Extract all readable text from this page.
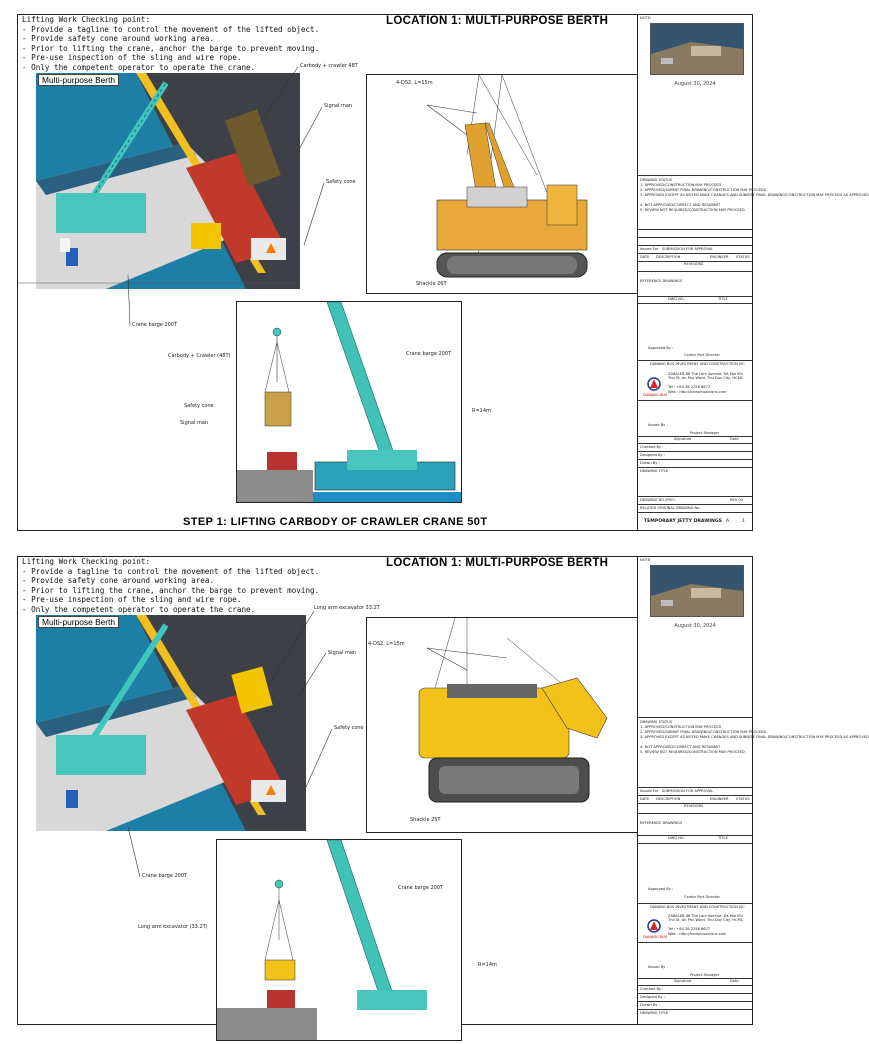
Lifting Work Checking point:
- Provide a tagline to control the movement of the lifted object.
- Provide safety cone around working area.
- Prior to lifting the crane, anchor the barge to prevent moving.
- Pre-use inspection of the sling and wire rope.
- Only the competent operator to operate the crane.
LOCATION 1: MULTI-PURPOSE BERTH
Multi-purpose Berth
Carbody + crawler 48T
Signal man
Safety cone
Crane barge 200T
4-DS2, L=15m
Shackle 26T
Carbody + Crawler (48T)	Crane barge 200T
Safety cone
Signal man
R=14m
STEP 1: LIFTING CARBODY OF CRAWLER CRANE 50T
NOTE:
August 30, 2024
DRAWING STATUS
1. APPROVED/CONSTRUCTION MAY PROCEED
2. APPROVED/SUBMIT FINAL DRAWING/CONSTRUCTION MAY PROCEED
3. APPROVED EXCEPT AS NOTED MAKE CHANGES AND SUBMITE FINAL DRAWING/CONSTRUCTION MAY PROCEED AS APPROVED
4. NOT APPROVED/CORRECT AND RESUBMIT
5. REVIEW NOT REQUIRED/CONSTRUCTION MAY PROCEED
Issued For SUBMISSION FOR APPROVAL
DATE DESCRIPTION	ENGINEER STATUS
REVISIONS
REFERENCE DRAWINGS
DWG NO.	TITLE
Approved By :
Cantor Port Director
DANANG BUS INVESTMENT AND CONSTRUCTION JSC
DANANG BUS
ZARALEB 88 The Lam Avenue, Dã Mai Khi Tho St, An Phu Ward, Thu Duc City, HCMC
Tel : +84 28 2256 6677
Web : http://binhphuoccons.com
Issued By :
Project Manager
Signature	Date
Checked By :
Designed By :
Drawn By :
DRAWING TITLE
DRAWING NO./PRO.:	REV 00
RELATED ORIGINAL DRAWING No.
TEMPORARY JETTY DRAWINGS A	1
Lifting Work Checking point:
- Provide a tagline to control the movement of the lifted object.
- Provide safety cone around working area.
- Prior to lifting the crane, anchor the barge to prevent moving.
- Pre-use inspection of the sling and wire rope.
- Only the competent operator to operate the crane.
LOCATION 1: MULTI-PURPOSE BERTH
Multi-purpose Berth
Long arm excavator 33.2T
Signal man
Safety cone
Crane barge 200T
4-DS2, L=15m
Shackle 25T
Long arm excavator (33.2T)
Crane barge 200T
R=14m
NOTE:
August 30, 2024
DRAWING STATUS
1. APPROVED/CONSTRUCTION MAY PROCEED
2. APPROVED/SUBMIT FINAL DRAWING/CONSTRUCTION MAY PROCEED
3. APPROVED EXCEPT AS NOTED MAKE CHANGES AND SUBMITE FINAL DRAWING/CONSTRUCTION MAY PROCEED AS APPROVED
4. NOT APPROVED/CORRECT AND RESUBMIT
5. REVIEW NOT REQUIRED/CONSTRUCTION MAY PROCEED
Issued For SUBMISSION FOR APPROVAL
DATE DESCRIPTION	ENGINEER STATUS
REVISIONS
REFERENCE DRAWINGS
DWG NO.	TITLE
Approved By :
Cantor Port Director
DANANG BUS INVESTMENT AND CONSTRUCTION JSC
DANANG BUS
ZARALEB 88 The Lam Avenue, Dã Mai Khi Tho St, An Phu Ward, Thu Duc City, HCMC
Tel : +84 28 2256 6677
Web : http://binhphuoccons.com
Issued By :
Project Manager
Signature	Date
Checked By :
Designed By :
Drawn By :
DRAWING TITLE
